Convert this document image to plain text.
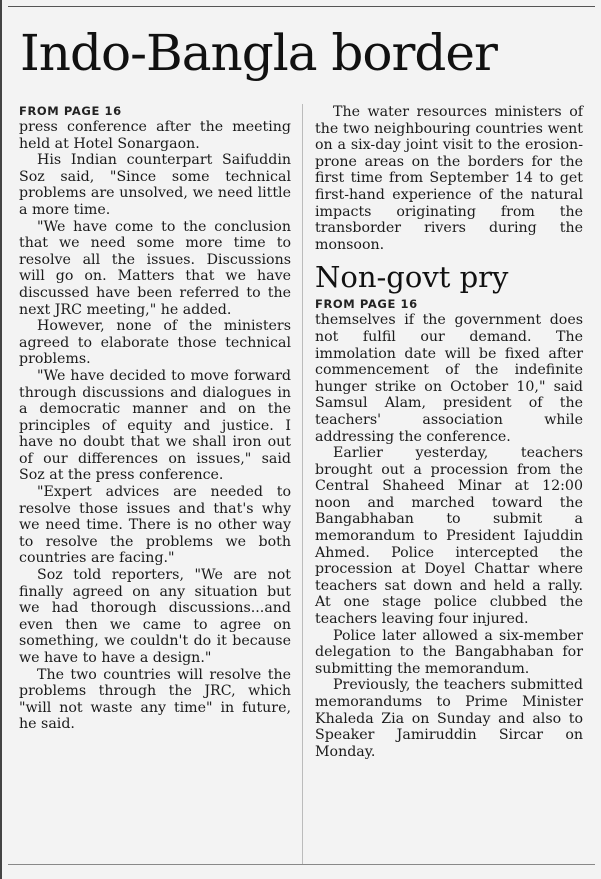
Indo-Bangla border
FROM PAGE 16

press conference after the meeting held at Hotel Sonargaon.

His Indian counterpart Saifuddin Soz said, "Since some technical problems are unsolved, we need little a more time.

"We have come to the conclusion that we need some more time to resolve all the issues. Discussions will go on. Matters that we have discussed have been referred to the next JRC meeting," he added.

However, none of the ministers agreed to elaborate those technical problems.

"We have decided to move forward through discussions and dialogues in a democratic manner and on the principles of equity and justice. I have no doubt that we shall iron out of our differences on issues," said Soz at the press conference.

"Expert advices are needed to resolve those issues and that's why we need time. There is no other way to resolve the problems we both countries are facing."

Soz told reporters, "We are not finally agreed on any situation but we had thorough discussions...and even then we came to agree on something, we couldn't do it because we have to have a design."

The two countries will resolve the problems through the JRC, which "will not waste any time" in future, he said.

The water resources ministers of the two neighbouring countries went on a six-day joint visit to the erosion-prone areas on the borders for the first time from September 14 to get first-hand experience of the natural impacts originating from the transborder rivers during the monsoon.

Non-govt pry
FROM PAGE 16

themselves if the government does not fulfil our demand. The immolation date will be fixed after commencement of the indefinite hunger strike on October 10," said Samsul Alam, president of the teachers' association while addressing the conference.

Earlier yesterday, teachers brought out a procession from the Central Shaheed Minar at 12:00 noon and marched toward the Bangabhaban to submit a memorandum to President Iajuddin Ahmed. Police intercepted the procession at Doyel Chattar where teachers sat down and held a rally. At one stage police clubbed the teachers leaving four injured.

Police later allowed a six-member delegation to the Bangabhaban for submitting the memorandum.

Previously, the teachers submitted memorandums to Prime Minister Khaleda Zia on Sunday and also to Speaker Jamiruddin Sircar on Monday.
